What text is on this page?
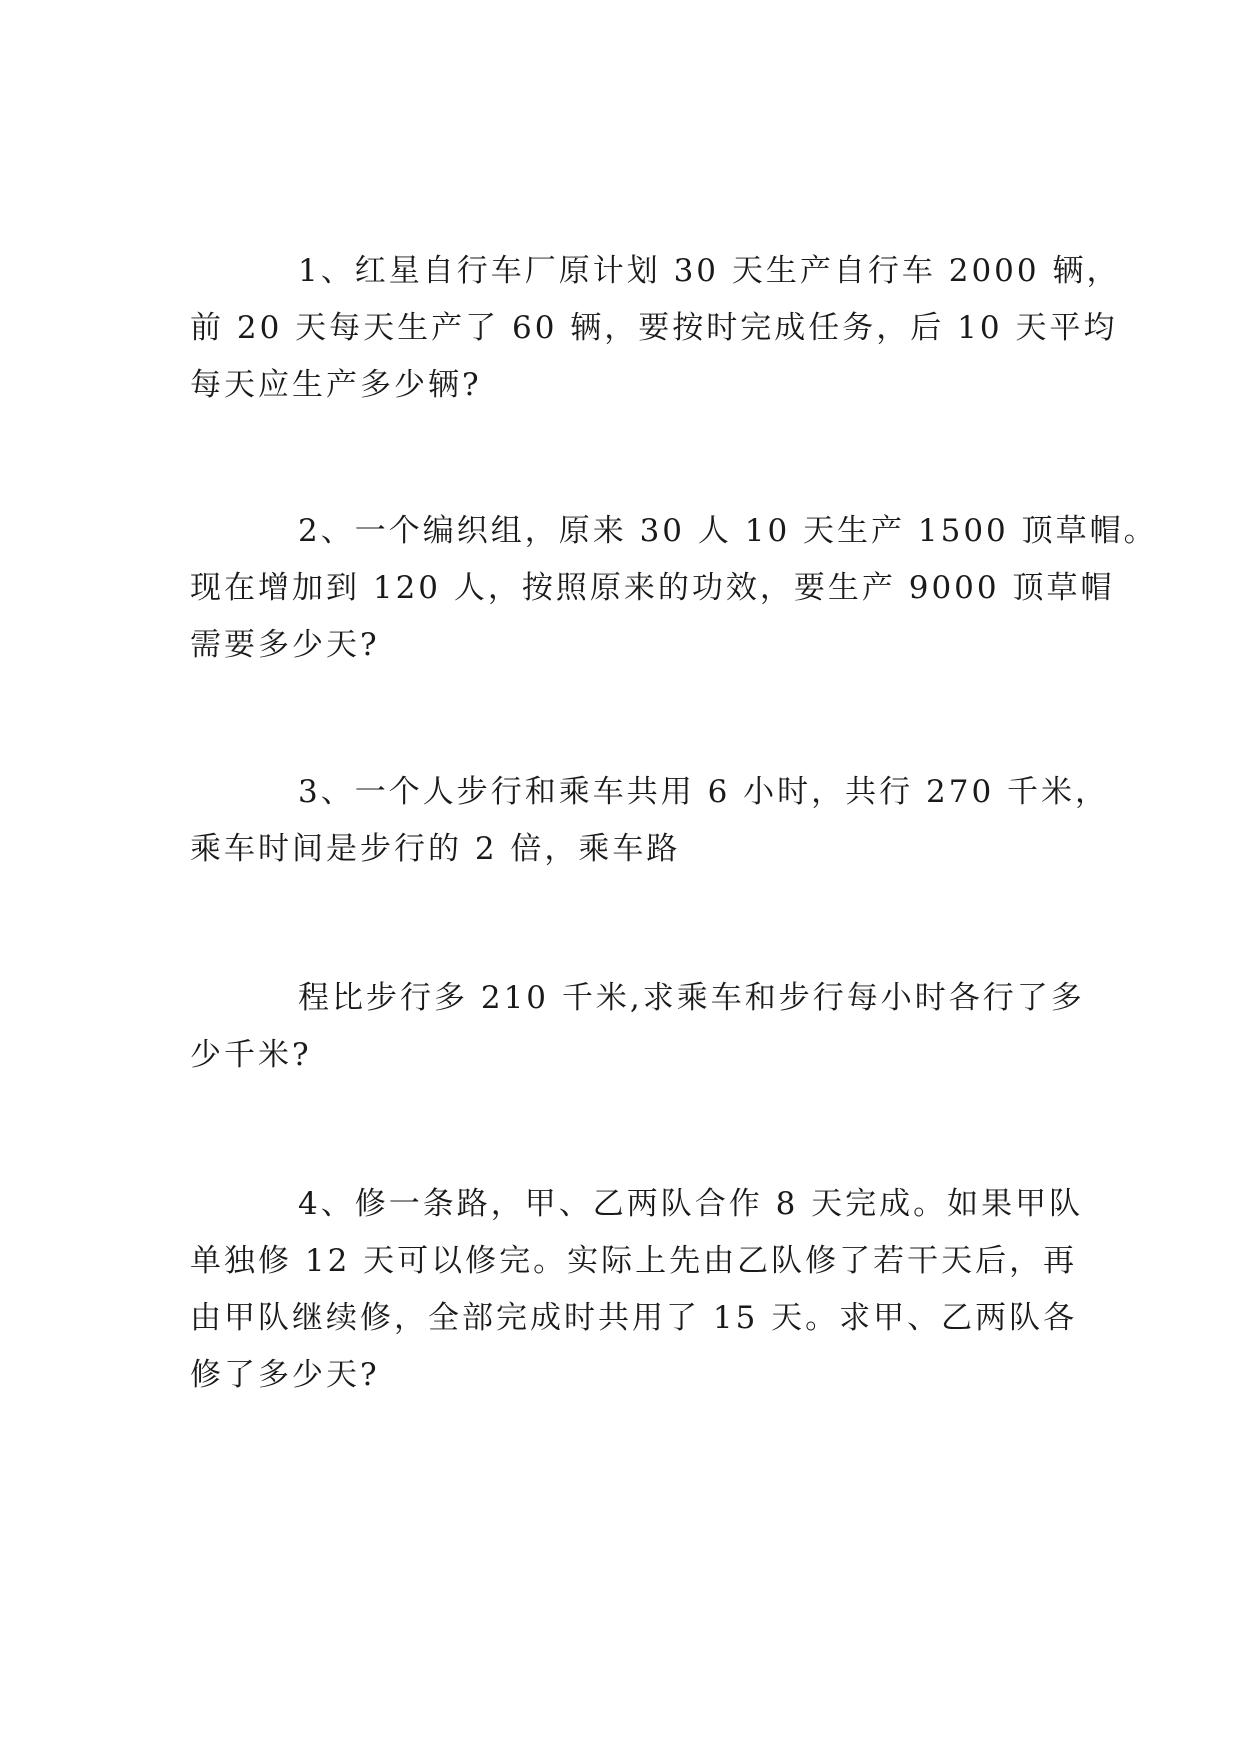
1、红星自行车厂原计划 30 天生产自行车 2000 辆，
前 20 天每天生产了 60 辆，要按时完成任务，后 10 天平均
每天应生产多少辆?
2、一个编织组，原来 30 人 10 天生产 1500 顶草帽。
现在增加到 120 人，按照原来的功效，要生产 9000 顶草帽
需要多少天?
3、一个人步行和乘车共用 6 小时，共行 270 千米，
乘车时间是步行的 2 倍，乘车路
程比步行多 210 千米,求乘车和步行每小时各行了多
少千米?
4、修一条路，甲、乙两队合作 8 天完成。如果甲队
单独修 12 天可以修完。实际上先由乙队修了若干天后，再
由甲队继续修，全部完成时共用了 15 天。求甲、乙两队各
修了多少天?
